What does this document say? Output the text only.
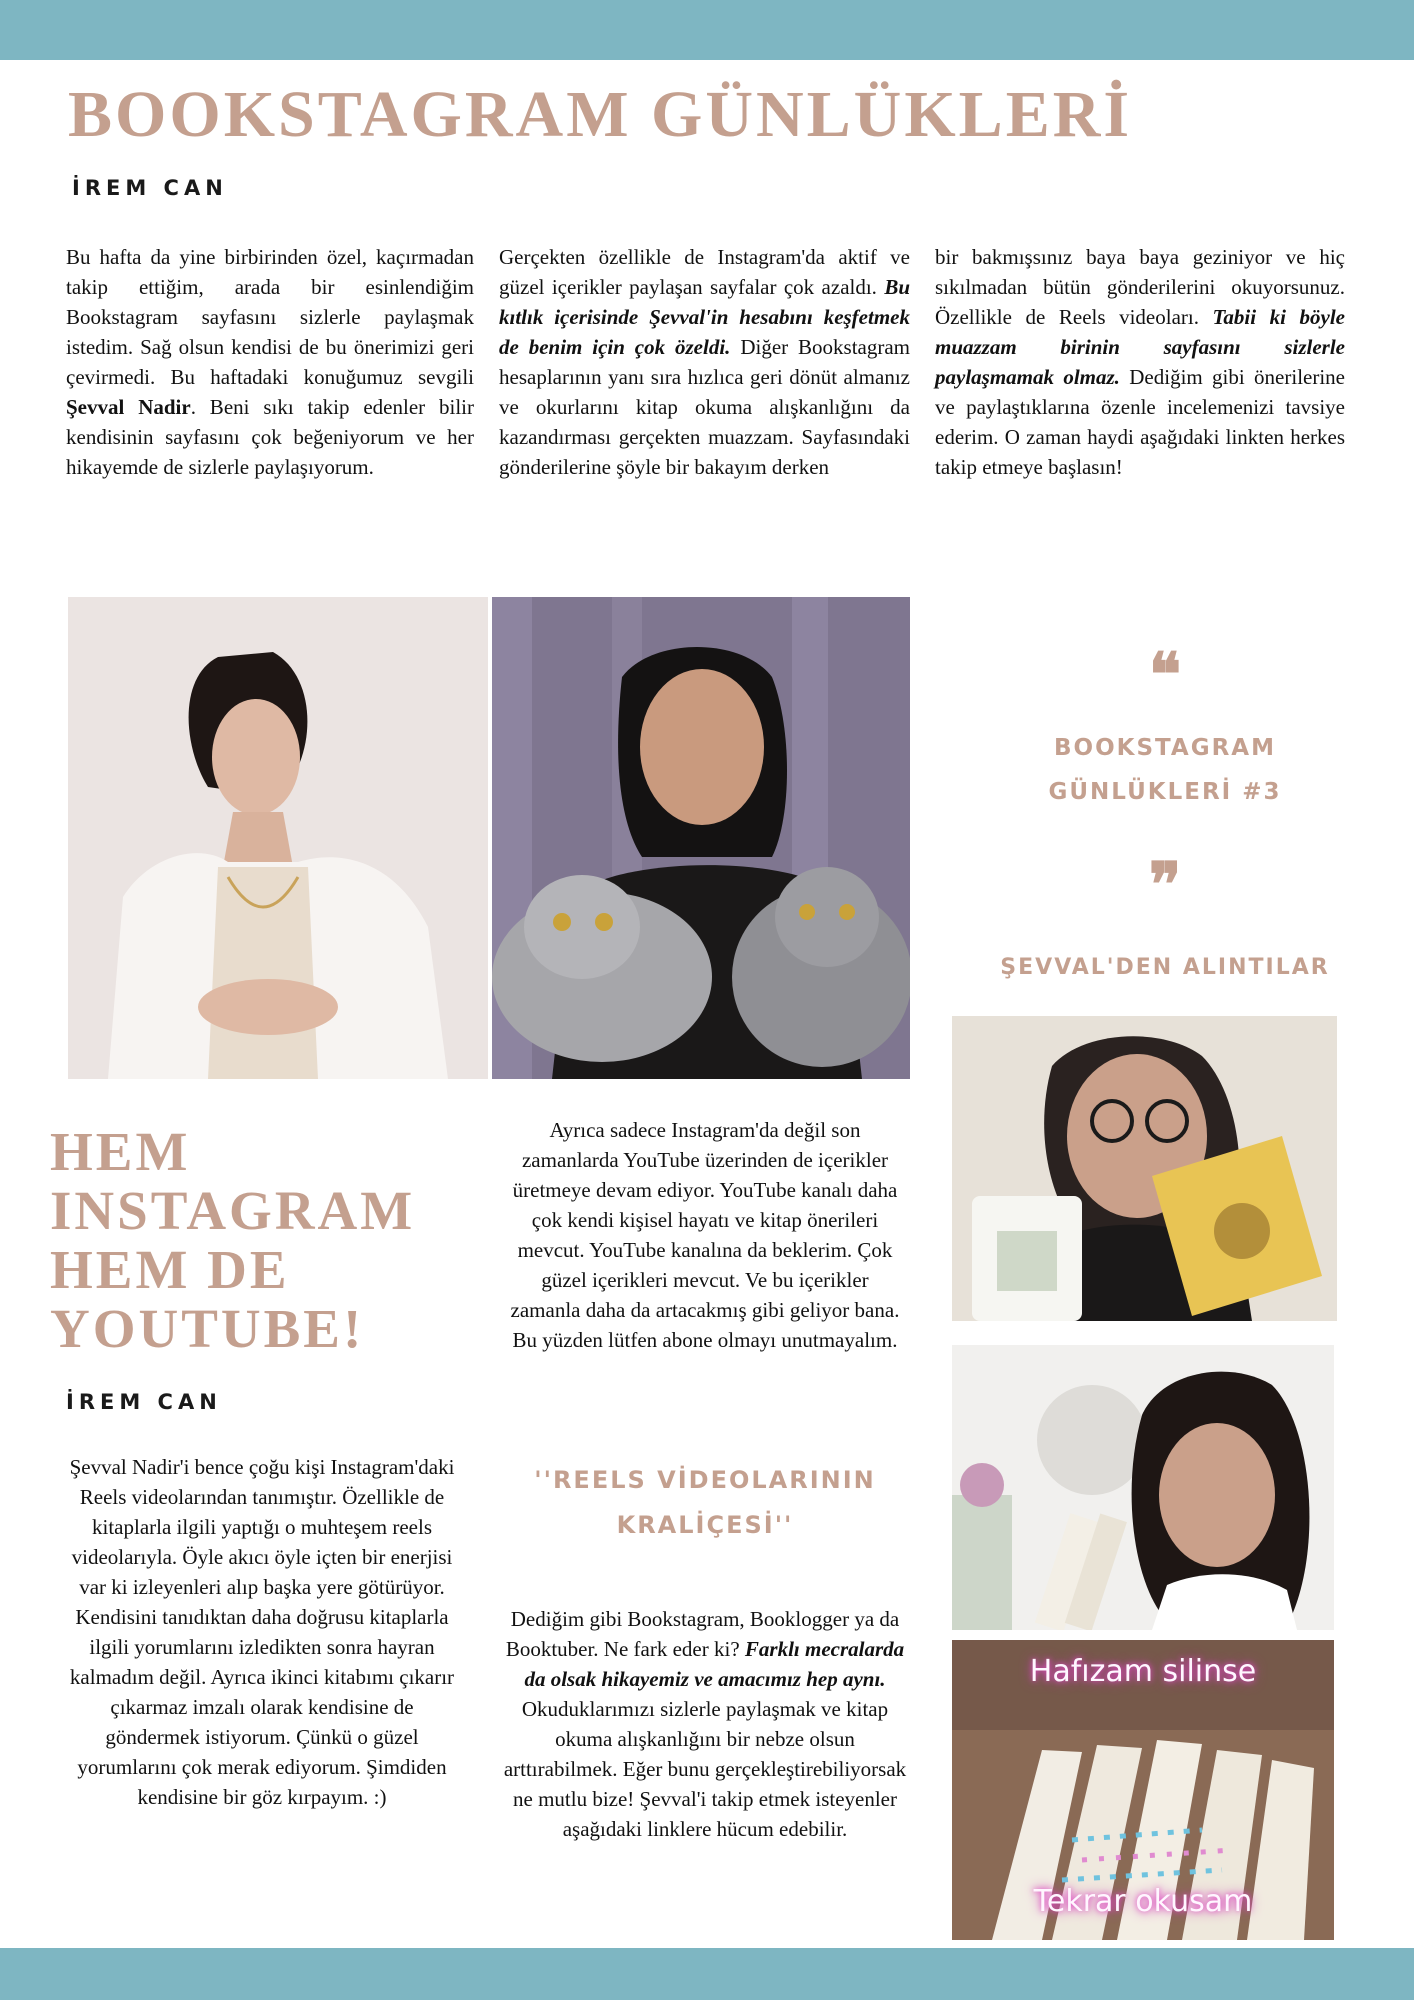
BOOKSTAGRAM GÜNLÜKLERİ
İREM CAN
Bu hafta da yine birbirinden özel, kaçırmadan takip ettiğim, arada bir esinlendiğim Bookstagram sayfasını sizlerle paylaşmak istedim. Sağ olsun kendisi de bu önerimizi geri çevirmedi. Bu haftadaki konuğumuz sevgili Şevval Nadir. Beni sıkı takip edenler bilir kendisinin sayfasını çok beğeniyorum ve her hikayemde de sizlerle paylaşıyorum.
Gerçekten özellikle de Instagram'da aktif ve güzel içerikler paylaşan sayfalar çok azaldı. Bu kıtlık içerisinde Şevval'in hesabını keşfetmek de benim için çok özeldi. Diğer Bookstagram hesaplarının yanı sıra hızlıca geri dönüt almanız ve okurlarını kitap okuma alışkanlığını da kazandırması gerçekten muazzam. Sayfasındaki gönderilerine şöyle bir bakayım derken
bir bakmışsınız baya baya geziniyor ve hiç sıkılmadan bütün gönderilerini okuyorsunuz. Özellikle de Reels videoları. Tabii ki böyle muazzam birinin sayfasını sizlerle paylaşmamak olmaz. Dediğim gibi önerilerine ve paylaştıklarına özenle incelemenizi tavsiye ederim. O zaman haydi aşağıdaki linkten herkes takip etmeye başlasın!
❝
BOOKSTAGRAM GÜNLÜKLERİ #3
❞
ŞEVVAL'DEN ALINTILAR
Hafızam silinse
Tekrar okusam
HEM INSTAGRAM HEM DE YOUTUBE!
İREM CAN
Şevval Nadir'i bence çoğu kişi Instagram'daki Reels videolarından tanımıştır. Özellikle de kitaplarla ilgili yaptığı o muhteşem reels videolarıyla. Öyle akıcı öyle içten bir enerjisi var ki izleyenleri alıp başka yere götürüyor. Kendisini tanıdıktan daha doğrusu kitaplarla ilgili yorumlarını izledikten sonra hayran kalmadım değil. Ayrıca ikinci kitabımı çıkarır çıkarmaz imzalı olarak kendisine de göndermek istiyorum. Çünkü o güzel yorumlarını çok merak ediyorum. Şimdiden kendisine bir göz kırpayım. :)
Ayrıca sadece Instagram'da değil son zamanlarda YouTube üzerinden de içerikler üretmeye devam ediyor. YouTube kanalı daha çok kendi kişisel hayatı ve kitap önerileri mevcut. YouTube kanalına da beklerim. Çok güzel içerikleri mevcut. Ve bu içerikler zamanla daha da artacakmış gibi geliyor bana. Bu yüzden lütfen abone olmayı unutmayalım.
''REELS VİDEOLARININ KRALİÇESİ''
Dediğim gibi Bookstagram, Booklogger ya da Booktuber. Ne fark eder ki? Farklı mecralarda da olsak hikayemiz ve amacımız hep aynı. Okuduklarımızı sizlerle paylaşmak ve kitap okuma alışkanlığını bir nebze olsun arttırabilmek. Eğer bunu gerçekleştirebiliyorsak ne mutlu bize! Şevval'i takip etmek isteyenler aşağıdaki linklere hücum edebilir.
